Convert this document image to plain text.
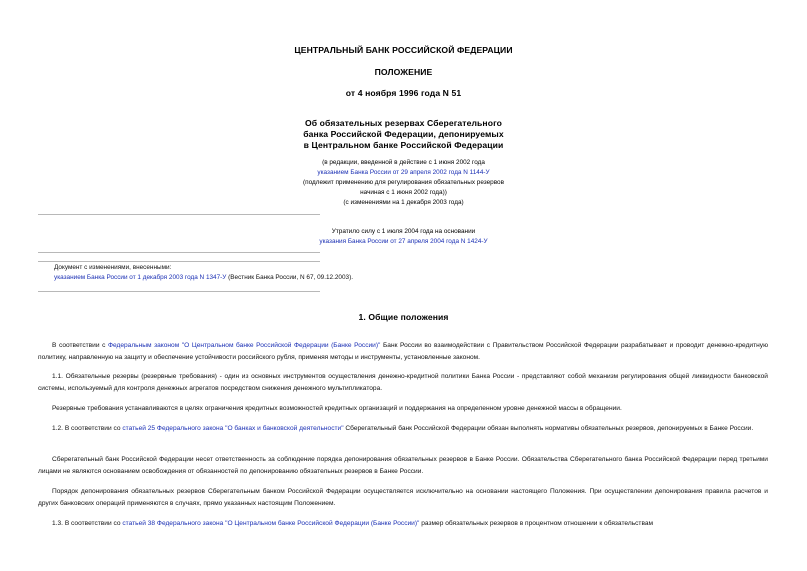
ЦЕНТРАЛЬНЫЙ БАНК РОССИЙСКОЙ ФЕДЕРАЦИИ
ПОЛОЖЕНИЕ
от 4 ноября 1996 года N 51
Об обязательных резервах Сберегательного
банка Российской Федерации, депонируемых
в Центральном банке Российской Федерации
(в редакции, введенной в действие с 1 июня 2002 года
указанием Банка России от 29 апреля 2002 года N 1144-У
(подлежит применению для регулирования обязательных резервов
начиная с 1 июня 2002 года))
(с изменениями на 1 декабря 2003 года)
Утратило силу с 1 июля 2004 года на основании
указания Банка России от 27 апреля 2004 года N 1424-У
Документ с изменениями, внесенными:
указанием Банка России от 1 декабря 2003 года N 1347-У (Вестник Банка России, N 67, 09.12.2003).
1. Общие положения
В соответствии с Федеральным законом "О Центральном банке Российской Федерации (Банке России)" Банк России во взаимодействии с Правительством Российской Федерации разрабатывает и проводит денежно-кредитную политику, направленную на защиту и обеспечение устойчивости российского рубля, применяя методы и инструменты, установленные законом.
1.1. Обязательные резервы (резервные требования) - один из основных инструментов осуществления денежно-кредитной политики Банка России - представляют собой механизм регулирования общей ликвидности банковской системы, используемый для контроля денежных агрегатов посредством снижения денежного мультипликатора.
Резервные требования устанавливаются в целях ограничения кредитных возможностей кредитных организаций и поддержания на определенном уровне денежной массы в обращении.
1.2. В соответствии со статьей 25 Федерального закона "О банках и банковской деятельности" Сберегательный банк Российской Федерации обязан выполнять нормативы обязательных резервов, депонируемых в Банке России.
Сберегательный банк Российской Федерации несет ответственность за соблюдение порядка депонирования обязательных резервов в Банке России. Обязательства Сберегательного банка Российской Федерации перед третьими лицами не являются основанием освобождения от обязанностей по депонированию обязательных резервов в Банке России.
Порядок депонирования обязательных резервов Сберегательным банком Российской Федерации осуществляется исключительно на основании настоящего Положения. При осуществлении депонирования правила расчетов и других банковских операций применяются в случаях, прямо указанных настоящим Положением.
1.3. В соответствии со статьей 38 Федерального закона "О Центральном банке Российской Федерации (Банке России)" размер обязательных резервов в процентном отношении к обязательствам
